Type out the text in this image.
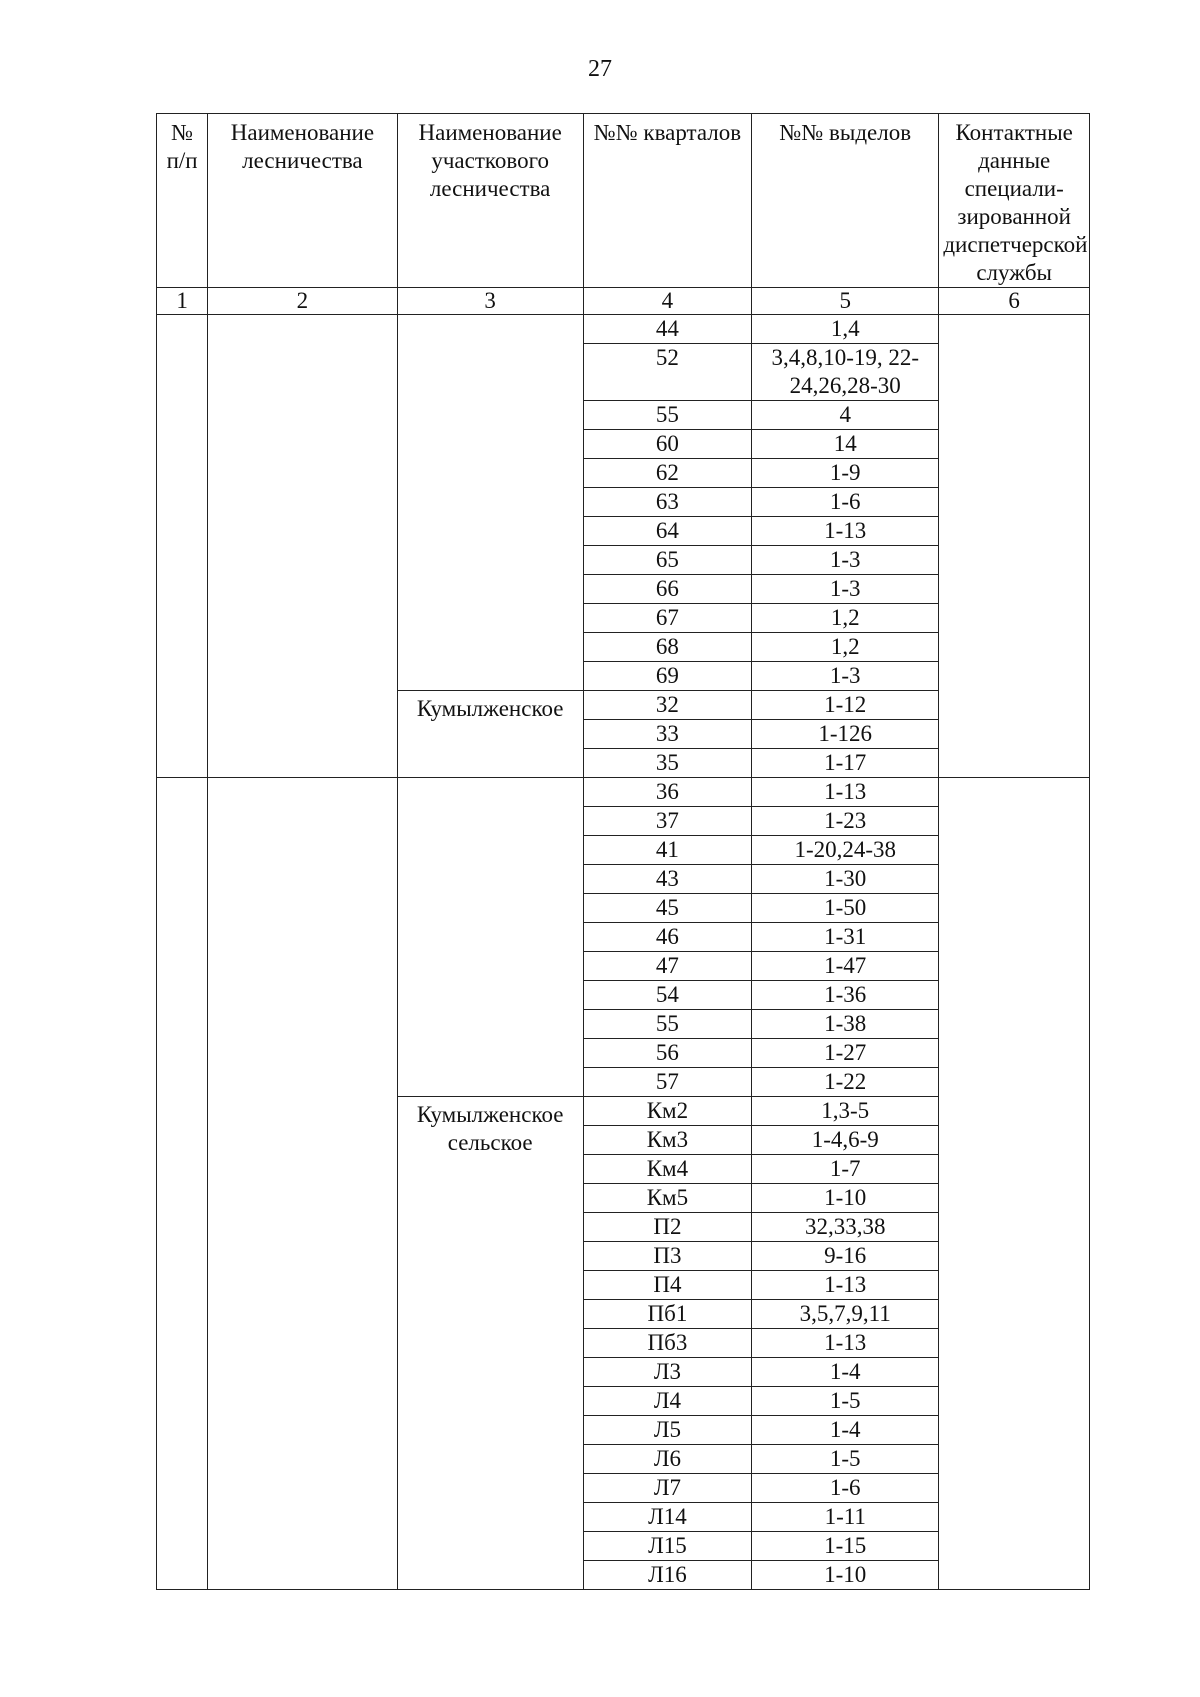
27
№ п/п	Наименование лесничества	Наименование участкового лесничества	№№ кварталов	№№ выделов	Контактные данные специали-зированной диспетчерской службы
1	2	3	4	5	6
			44	1,4	
			52	3,4,8,10-19, 22-24,26,28-30	
			55	4	
			60	14	
			62	1-9	
			63	1-6	
			64	1-13	
			65	1-3	
			66	1-3	
			67	1,2	
			68	1,2	
			69	1-3	
		Кумылженское	32	1-12	
			33	1-126	
			35	1-17	
			36	1-13	
			37	1-23	
			41	1-20,24-38	
			43	1-30	
			45	1-50	
			46	1-31	
			47	1-47	
			54	1-36	
			55	1-38	
			56	1-27	
			57	1-22	
		Кумылженское сельское	Км2	1,3-5	
			Км3	1-4,6-9	
			Км4	1-7	
			Км5	1-10	
			П2	32,33,38	
			П3	9-16	
			П4	1-13	
			Пб1	3,5,7,9,11	
			Пб3	1-13	
			Л3	1-4	
			Л4	1-5	
			Л5	1-4	
			Л6	1-5	
			Л7	1-6	
			Л14	1-11	
			Л15	1-15	
			Л16	1-10	
